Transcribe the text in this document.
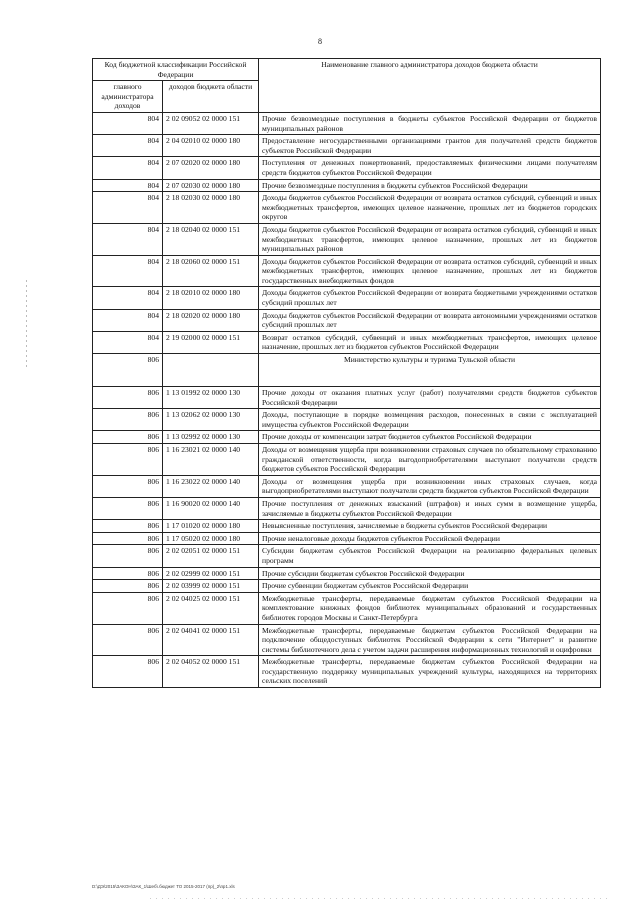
8
Код бюджетной классификации Российской Федерации		Наименование главного администратора доходов бюджета области
главного администратора доходов	доходов бюджета области	
804	2 02 09052 02 0000 151	Прочие безвозмездные поступления в бюджеты субъектов Российской Федерации от бюджетов муниципальных районов
804	2 04 02010 02 0000 180	Предоставление негосударственными организациями грантов для получателей средств бюджетов субъектов Российской Федерации
804	2 07 02020 02 0000 180	Поступления от денежных пожертвований, предоставляемых физическими лицами получателям средств бюджетов субъектов Российской Федерации
804	2 07 02030 02 0000 180	Прочие безвозмездные поступления в бюджеты субъектов Российской Федерации
804	2 18 02030 02 0000 180	Доходы бюджетов субъектов Российской Федерации от возврата остатков субсидий, субвенций и иных межбюджетных трансфертов, имеющих целевое назначение, прошлых лет из бюджетов городских округов
804	2 18 02040 02 0000 151	Доходы бюджетов субъектов Российской Федерации от возврата остатков субсидий, субвенций и иных межбюджетных трансфертов, имеющих целевое назначение, прошлых лет из бюджетов муниципальных районов
804	2 18 02060 02 0000 151	Доходы бюджетов субъектов Российской Федерации от возврата остатков субсидий, субвенций и иных межбюджетных трансфертов, имеющих целевое назначение, прошлых лет из бюджетов государственных внебюджетных фондов
804	2 18 02010 02 0000 180	Доходы бюджетов субъектов Российской Федерации от возврата бюджетными учреждениями остатков субсидий прошлых лет
804	2 18 02020 02 0000 180	Доходы бюджетов субъектов Российской Федерации от возврата автономными учреждениями остатков субсидий прошлых лет
804	2 19 02000 02 0000 151	Возврат остатков субсидий, субвенций и иных межбюджетных трансфертов, имеющих целевое назначение, прошлых лет из бюджетов субъектов Российской Федерации
806		Министерство культуры и туризма Тульской области
806	1 13 01992 02 0000 130	Прочие доходы от оказания платных услуг (работ) получателями средств бюджетов субъектов Российской Федерации
806	1 13 02062 02 0000 130	Доходы, поступающие в порядке возмещения расходов, понесенных в связи с эксплуатацией имущества субъектов Российской Федерации
806	1 13 02992 02 0000 130	Прочие доходы от компенсации затрат бюджетов субъектов Российской Федерации
806	1 16 23021 02 0000 140	Доходы от возмещения ущерба при возникновении страховых случаев по обязательному страхованию гражданской ответственности, когда выгодоприобретателями выступают получатели средств бюджетов субъектов Российской Федерации
806	1 16 23022 02 0000 140	Доходы от возмещения ущерба при возникновении иных страховых случаев, когда выгодоприобретателями выступают получатели средств бюджетов субъектов Российской Федерации
806	1 16 90020 02 0000 140	Прочие поступления от денежных взысканий (штрафов) и иных сумм в возмещение ущерба, зачисляемые в бюджеты субъектов Российской Федерации
806	1 17 01020 02 0000 180	Невыясненные поступления, зачисляемые в бюджеты субъектов Российской Федерации
806	1 17 05020 02 0000 180	Прочие неналоговые доходы бюджетов субъектов Российской Федерации
806	2 02 02051 02 0000 151	Субсидии бюджетам субъектов Российской Федерации на реализацию федеральных целевых программ
806	2 02 02999 02 0000 151	Прочие субсидии бюджетам субъектов Российской Федерации
806	2 02 03999 02 0000 151	Прочие субвенции бюджетам субъектов Российской Федерации
806	2 02 04025 02 0000 151	Межбюджетные трансферты, передаваемые бюджетам субъектов Российской Федерации на комплектование книжных фондов библиотек муниципальных образований и государственных библиотек городов Москвы и Санкт-Петербурга
806	2 02 04041 02 0000 151	Межбюджетные трансферты, передаваемые бюджетам субъектов Российской Федерации на подключение общедоступных библиотек Российской Федерации к сети "Интернет" и развитие системы библиотечного дела с учетом задачи расширения информационных технологий и оцифровки
806	2 02 04052 02 0000 151	Межбюджетные трансферты, передаваемые бюджетам субъектов Российской Федерации на государственную поддержку муниципальных учреждений культуры, находящихся на территориях сельских поселений
D:\ДЭ\2015\ЗАКОН\ЗАК_1\Шеб\.бюджет ТО 2015-2017 (пр)_2\пр1.xls
